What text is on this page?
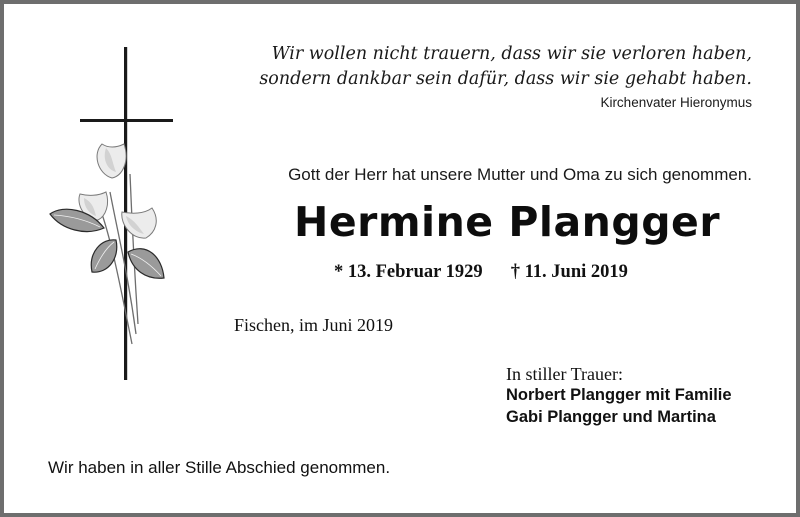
Wir wollen nicht trauern, dass wir sie verloren haben,
sondern dankbar sein dafür, dass wir sie gehabt haben.

Kirchenvater Hieronymus

Gott der Herr hat unsere Mutter und Oma zu sich genommen.

Hermine Plangger

* 13. Februar 1929 † 11. Juni 2019

Fischen, im Juni 2019

In stiller Trauer:

Norbert Plangger mit Familie

Gabi Plangger und Martina

Wir haben in aller Stille Abschied genommen.
